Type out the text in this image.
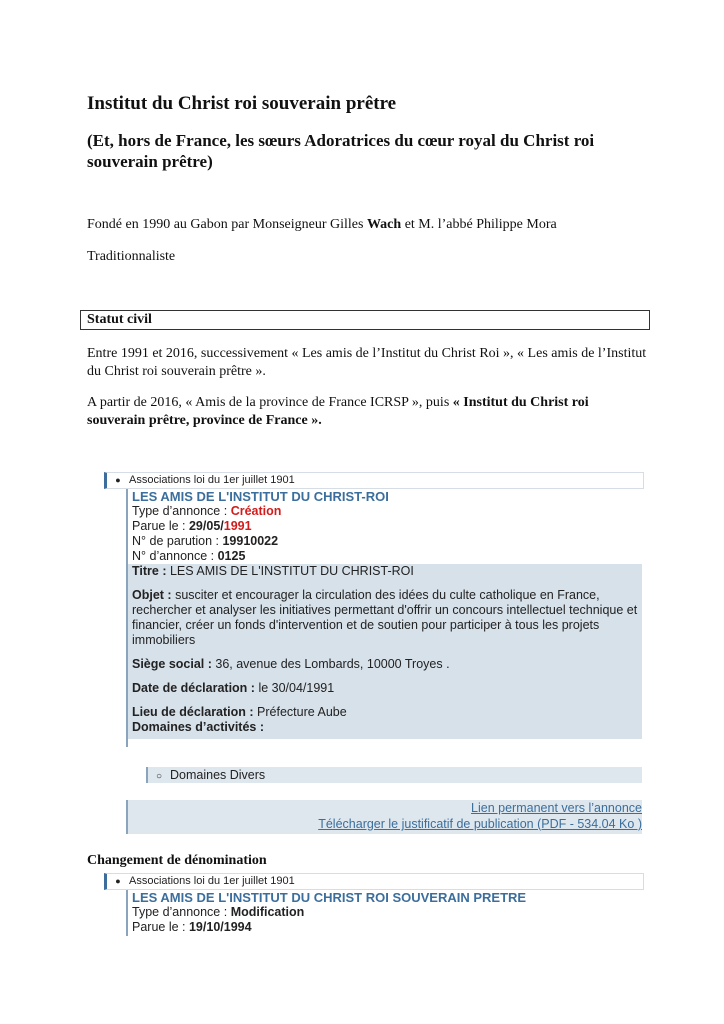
Institut du Christ roi souverain prêtre
(Et, hors de France, les sœurs Adoratrices du cœur royal du Christ roi souverain prêtre)
Fondé en 1990 au Gabon par Monseigneur Gilles Wach et M. l’abbé Philippe Mora
Traditionnaliste
Statut civil
Entre 1991 et 2016, successivement « Les amis de l’Institut du Christ Roi », « Les amis de l’Institut du Christ roi souverain prêtre ».
A partir de 2016, « Amis de la province de France ICRSP », puis « Institut du Christ roi souverain prêtre, province de France ».
● Associations loi du 1er juillet 1901
LES AMIS DE L'INSTITUT DU CHRIST-ROI
Type d’annonce : Création
Parue le : 29/05/1991
N° de parution : 19910022
N° d’annonce : 0125
Titre : LES AMIS DE L'INSTITUT DU CHRIST-ROI
Objet : susciter et encourager la circulation des idées du culte catholique en France, rechercher et analyser les initiatives permettant d'offrir un concours intellectuel technique et financier, créer un fonds d'intervention et de soutien pour participer à tous les projets immobiliers
Siège social : 36, avenue des Lombards, 10000 Troyes .
Date de déclaration : le 30/04/1991
Lieu de déclaration : Préfecture Aube
Domaines d’activités :
○ Domaines Divers
Lien permanent vers l’annonce
Télécharger le justificatif de publication (PDF - 534.04 Ko )
Changement de dénomination
● Associations loi du 1er juillet 1901
LES AMIS DE L'INSTITUT DU CHRIST ROI SOUVERAIN PRETRE
Type d’annonce : Modification
Parue le : 19/10/1994
